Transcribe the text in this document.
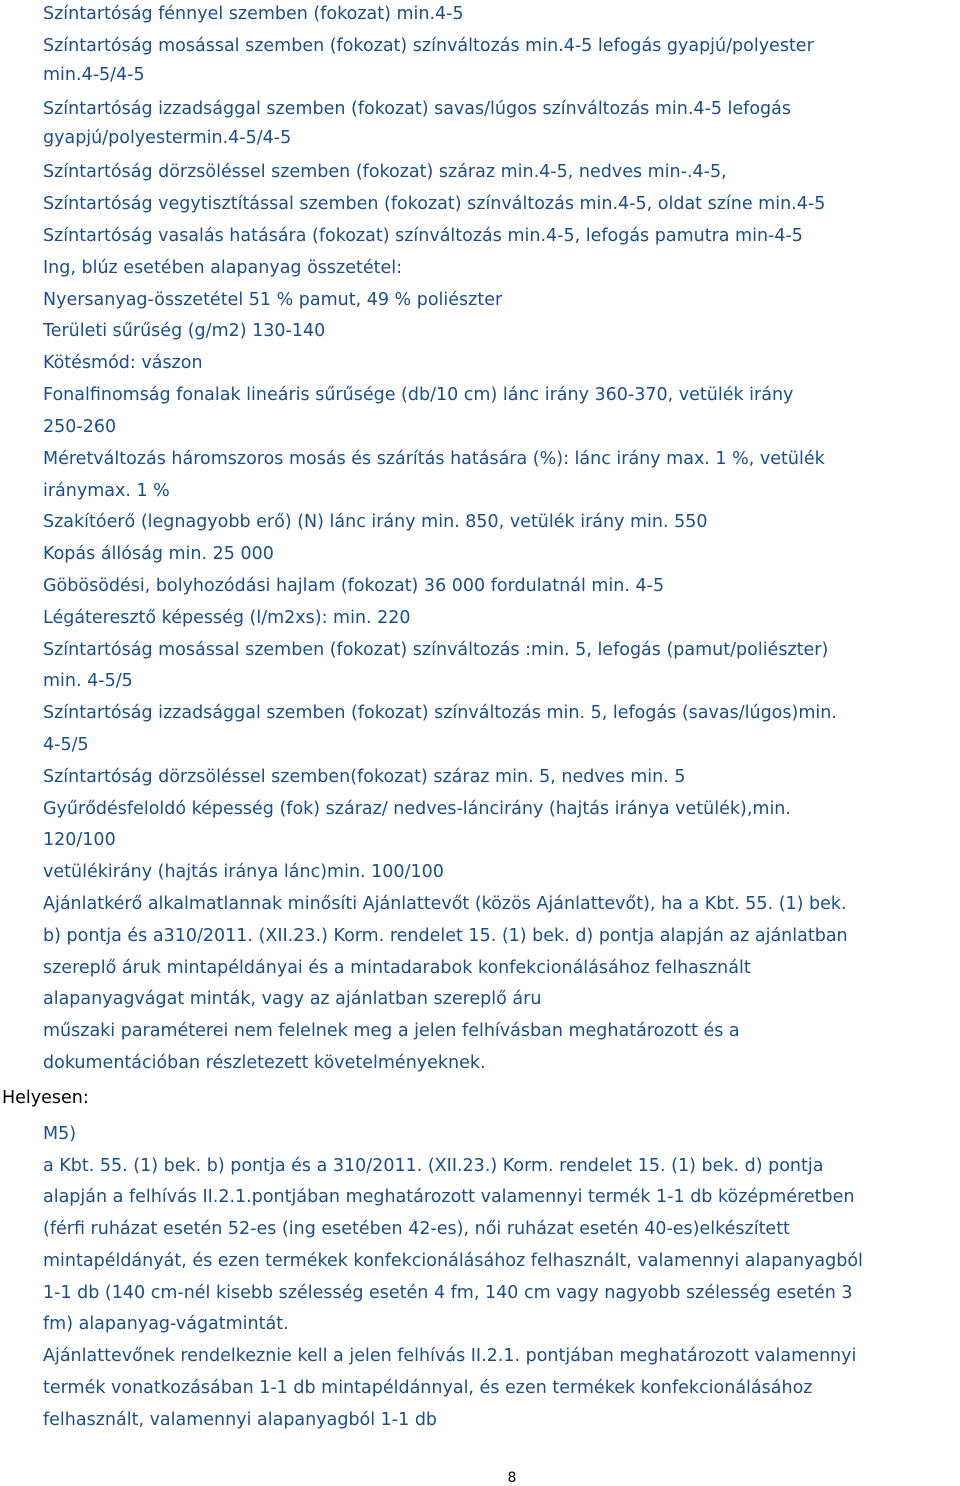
Színtartóság fénnyel szemben (fokozat) min.4-5
Színtartóság mosással szemben (fokozat) színváltozás min.4-5 lefogás gyapjú/polyester
min.4-5/4-5
Színtartóság izzadsággal szemben (fokozat) savas/lúgos színváltozás min.4-5 lefogás
gyapjú/polyestermin.4-5/4-5
Színtartóság dörzsöléssel szemben (fokozat) száraz min.4-5, nedves min-.4-5,
Színtartóság vegytisztítással szemben (fokozat) színváltozás min.4-5, oldat színe min.4-5
Színtartóság vasalás hatására (fokozat) színváltozás min.4-5, lefogás pamutra min-4-5
Ing, blúz esetében alapanyag összetétel:
Nyersanyag-összetétel 51 % pamut, 49 % poliészter
Területi sűrűség (g/m2) 130-140
Kötésmód: vászon
Fonalfinomság fonalak lineáris sűrűsége (db/10 cm) lánc irány 360-370, vetülék irány
250-260
Méretváltozás háromszoros mosás és szárítás hatására (%): lánc irány max. 1 %, vetülék
iránymax. 1 %
Szakítóerő (legnagyobb erő) (N) lánc irány min. 850, vetülék irány min. 550
Kopás állóság min. 25 000
Göbösödési, bolyhozódási hajlam (fokozat) 36 000 fordulatnál min. 4-5
Légáteresztő képesség (l/m2xs): min. 220
Színtartóság mosással szemben (fokozat) színváltozás :min. 5, lefogás (pamut/poliészter)
min. 4-5/5
Színtartóság izzadsággal szemben (fokozat) színváltozás min. 5, lefogás (savas/lúgos)min.
4-5/5
Színtartóság dörzsöléssel szemben(fokozat) száraz min. 5, nedves min. 5
Gyűrődésfeloldó képesség (fok) száraz/ nedves-láncirány (hajtás iránya vetülék),min.
120/100
vetülékirány (hajtás iránya lánc)min. 100/100
Ajánlatkérő alkalmatlannak minősíti Ajánlattevőt (közös Ajánlattevőt), ha a Kbt. 55. (1) bek.
b) pontja és a310/2011. (XII.23.) Korm. rendelet 15. (1) bek. d) pontja alapján az ajánlatban
szereplő áruk mintapéldányai és a mintadarabok konfekcionálásához felhasznált
alapanyagvágat minták, vagy az ajánlatban szereplő áru
műszaki paraméterei nem felelnek meg a jelen felhívásban meghatározott és a
dokumentációban részletezett követelményeknek.
Helyesen:
M5)
a Kbt. 55. (1) bek. b) pontja és a 310/2011. (XII.23.) Korm. rendelet 15. (1) bek. d) pontja
alapján a felhívás II.2.1.pontjában meghatározott valamennyi termék 1-1 db középméretben
(férfi ruházat esetén 52-es (ing esetében 42-es), női ruházat esetén 40-es)elkészített
mintapéldányát, és ezen termékek konfekcionálásához felhasznált, valamennyi alapanyagból
1-1 db (140 cm-nél kisebb szélesség esetén 4 fm, 140 cm vagy nagyobb szélesség esetén 3
fm) alapanyag-vágatmintát.
Ajánlattevőnek rendelkeznie kell a jelen felhívás II.2.1. pontjában meghatározott valamennyi
termék vonatkozásában 1-1 db mintapéldánnyal, és ezen termékek konfekcionálásához
felhasznált, valamennyi alapanyagból 1-1 db
8
